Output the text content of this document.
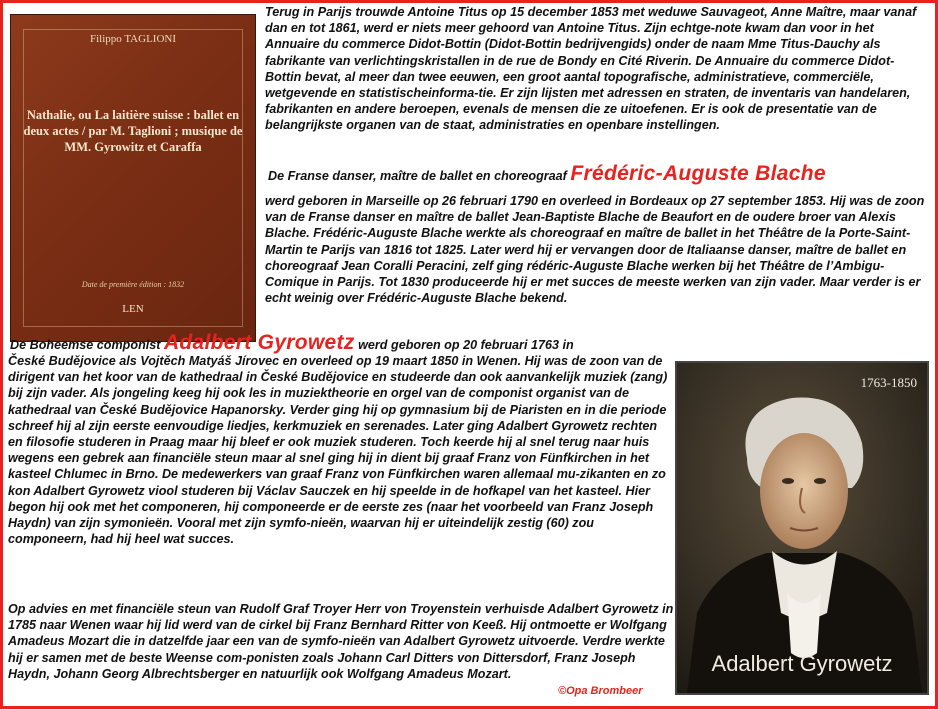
Filippo TAGLIONI
Nathalie, ou La laitière suisse : ballet en deux actes / par M. Taglioni ; musique de MM. Gyrowitz et Caraffa
Date de première édition : 1832
LEN

Terug in Parijs trouwde Antoine Titus op 15 december 1853 met weduwe Sauvageot, Anne Maître, maar vanaf dan en tot 1861, werd er niets meer gehoord van Antoine Titus. Zijn echtge-note kwam dan voor in het Annuaire du commerce Didot-Bottin (Didot-Bottin bedrijvengids) onder de naam Mme Titus-Dauchy als fabrikante van verlichtingskristallen in de rue de Bondy en Cité Riverin. De Annuaire du commerce Didot-Bottin bevat, al meer dan twee eeuwen, een groot aantal topografische, administratieve, commerciële, wetgevende en statistischeinforma-tie. Er zijn lijsten met adressen en straten, de inventaris van handelaren, fabrikanten en andere beroepen, evenals de mensen die ze uitoefenen. Er is ook de presentatie van de belangrijkste organen van de staat, administraties en openbare instellingen.

De Franse danser, maître de ballet en choreograaf Frédéric-Auguste Blache

werd geboren in Marseille op 26 februari 1790 en overleed in Bordeaux op 27 september 1853. Hij was de zoon van de Franse danser en maître de ballet Jean-Baptiste Blache de Beaufort en de oudere broer van Alexis Blache. Frédéric-Auguste Blache werkte als choreograaf en maître de ballet in het Théâtre de la Porte-Saint-Martin te Parijs van 1816 tot 1825. Later werd hij er vervangen door de Italiaanse danser, maître de ballet en choreograaf Jean Coralli Peracini, zelf ging rédéric-Auguste Blache werken bij het Théâtre de l’Ambigu-Comique in Parijs. Tot 1830 produceerde hij er met succes de meeste werken van zijn vader. Maar verder is er echt weinig over Frédéric-Auguste Blache bekend.

De Boheemse componist Adalbert Gyrowetz werd geboren op 20 februari 1763 in

České Budějovice als Vojtěch Matyáš Jírovec en overleed op 19 maart 1850 in Wenen. Hij was de zoon van de dirigent van het koor van de kathedraal in České Budějovice en studeerde dan ook aanvankelijk muziek (zang) bij zijn vader. Als jongeling keeg hij ook les in muziektheorie en orgel van de componist organist van de kathedraal van České Budějovice Hapanorsky. Verder ging hij op gymnasium bij de Piaristen en in die periode schreef hij al zijn eerste eenvoudige liedjes, kerkmuziek en serenades. Later ging Adalbert Gyrowetz rechten en filosofie studeren in Praag maar hij bleef er ook muziek studeren. Toch keerde hij al snel terug naar huis wegens een gebrek aan financiële steun maar al snel ging hij in dient bij graaf Franz von Fünfkirchen in het kasteel Chlumec in Brno. De medewerkers van graaf Franz von Fünfkirchen waren allemaal mu-zikanten en zo kon Adalbert Gyrowetz viool studeren bij Václav Sauczek en hij speelde in de hofkapel van het kasteel. Hier begon hij ook met het componeren, hij componeerde er de eerste zes (naar het voorbeeld van Franz Joseph Haydn) van zijn symonieën. Vooral met zijn symfo-nieën, waarvan hij er uiteindelijk zestig (60) zou componeern, had hij heel wat succes.

Op advies en met financiële steun van Rudolf Graf Troyer Herr von Troyenstein verhuisde Adalbert Gyrowetz in 1785 naar Wenen waar hij lid werd van de cirkel bij Franz Bernhard Ritter von Keeß. Hij ontmoette er Wolfgang Amadeus Mozart die in datzelfde jaar een van de symfo-nieën van Adalbert Gyrowetz uitvoerde. Verdre werkte hij er samen met de beste Weense com-ponisten zoals Johann Carl Ditters von Dittersdorf, Franz Joseph Haydn, Johann Georg Albrechtsberger en natuurlijk ook Wolfgang Amadeus Mozart.

1763-1850
Adalbert Gyrowetz
©Opa Brombeer
